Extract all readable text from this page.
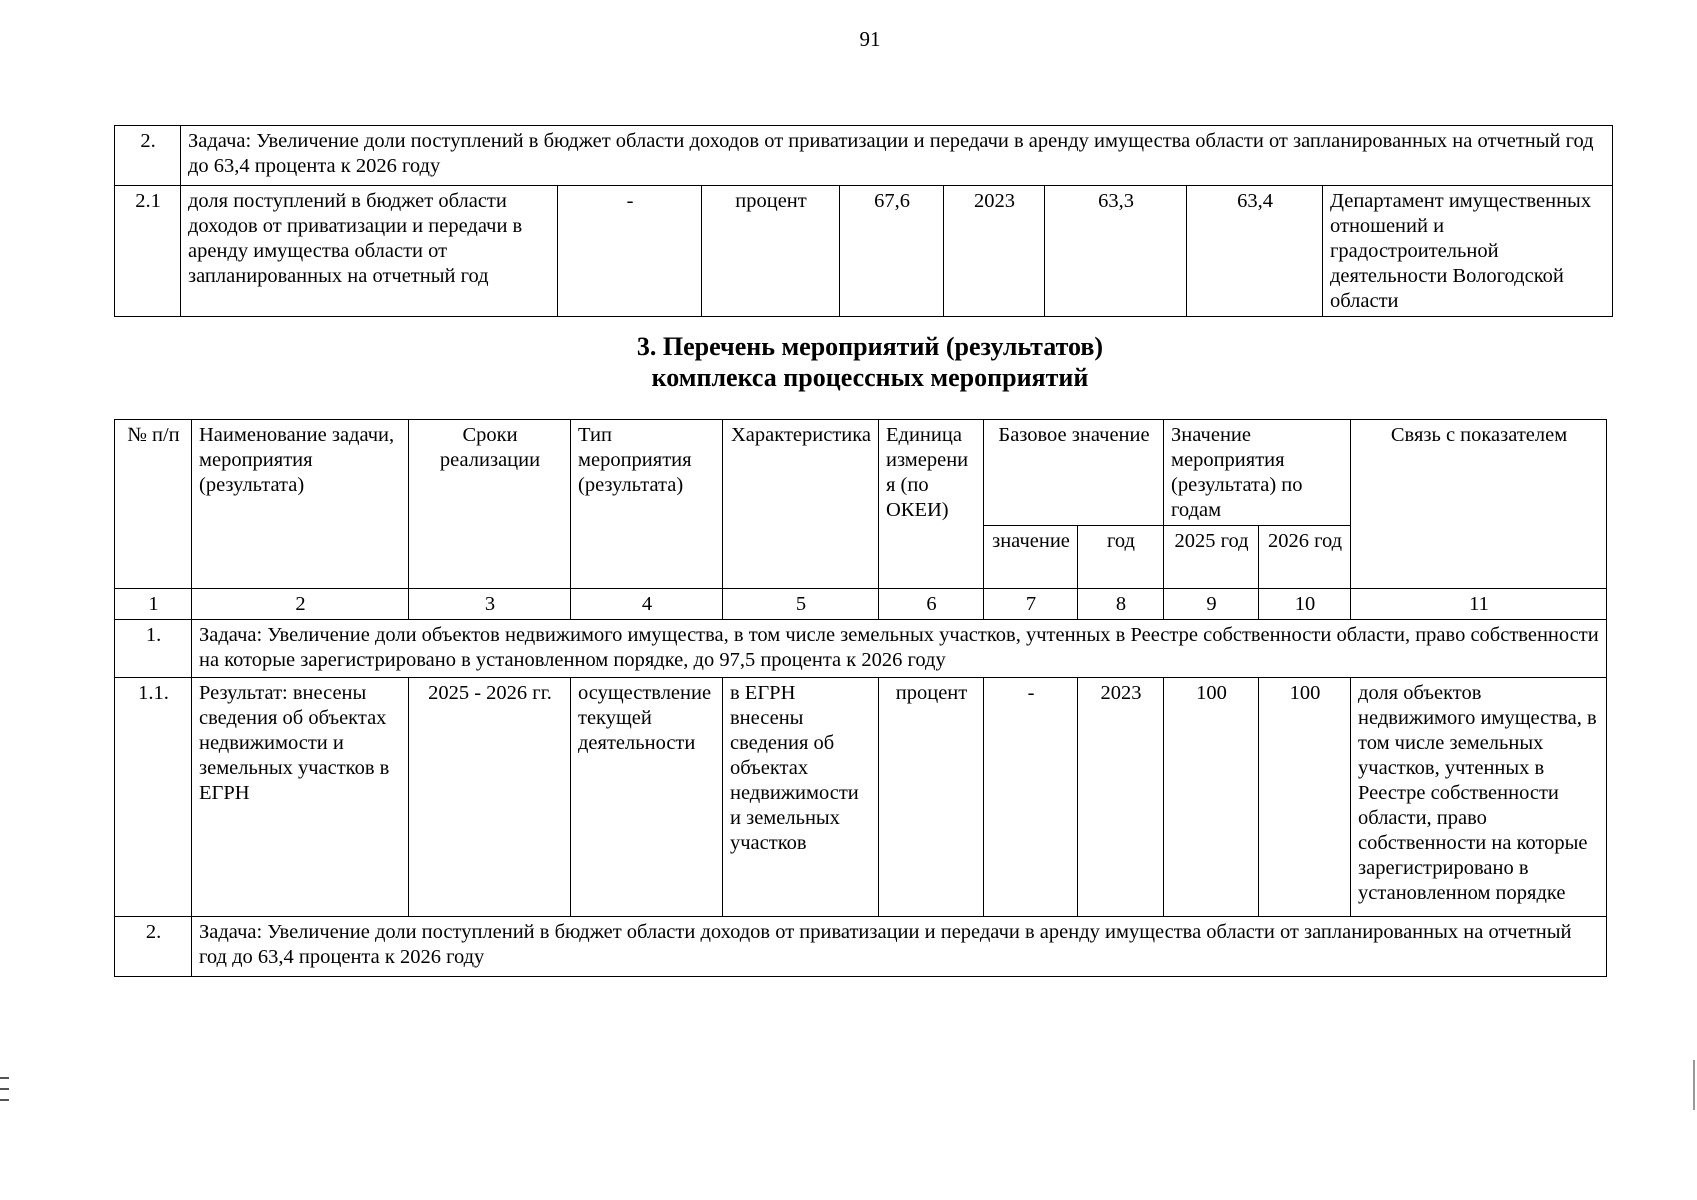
91
2.	Задача: Увеличение доли поступлений в бюджет области доходов от приватизации и передачи в аренду имущества области от запланированных на отчетный год до 63,4 процента к 2026 году							
2.1	доля поступлений в бюджет области доходов от приватизации и передачи в аренду имущества области от запланированных на отчетный год	-	процент	67,6	2023	63,3	63,4	Департамент имущественных отношений и градостроительной деятельности Вологодской области
3. Перечень мероприятий (результатов)
комплекса процессных мероприятий
№ п/п	Наименование задачи, мероприятия (результата)	Сроки реализации	Тип мероприятия (результата)	Характеристика	Единица измерения (по ОКЕИ)	Базовое значение		Значение мероприятия (результата) по годам		Связь с показателем
						значение	год	2025 год	2026 год	
1	2	3	4	5	6	7	8	9	10	11
1.	Задача: Увеличение доли объектов недвижимого имущества, в том числе земельных участков, учтенных в Реестре собственности области, право собственности на которые зарегистрировано в установленном порядке, до 97,5 процента к 2026 году									
1.1.	Результат: внесены сведения об объектах недвижимости и земельных участков в ЕГРН	2025 - 2026 гг.	осуществление текущей деятельности	в ЕГРН внесены сведения об объектах недвижимости и земельных участков	процент	-	2023	100	100	доля объектов недвижимого имущества, в том числе земельных участков, учтенных в Реестре собственности области, право собственности на которые зарегистрировано в установленном порядке
2.	Задача: Увеличение доли поступлений в бюджет области доходов от приватизации и передачи в аренду имущества области от запланированных на отчетный год до 63,4 процента к 2026 году									
